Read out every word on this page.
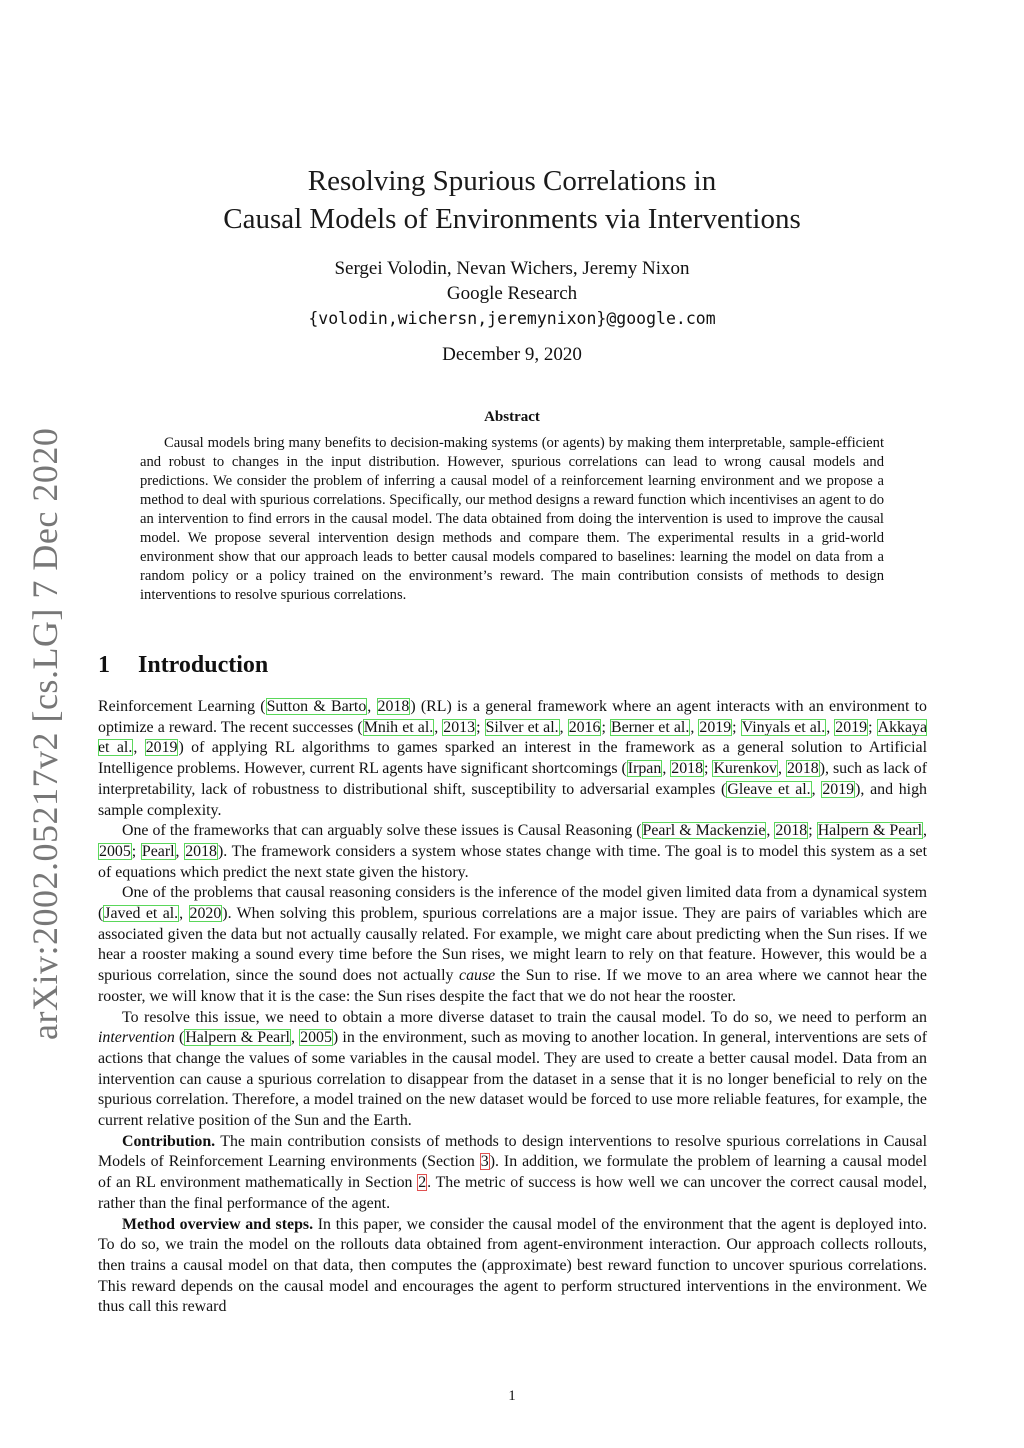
arXiv:2002.05217v2 [cs.LG] 7 Dec 2020
Resolving Spurious Correlations in
Causal Models of Environments via Interventions
Sergei Volodin, Nevan Wichers, Jeremy Nixon
Google Research
{volodin,wichersn,jeremynixon}@google.com
December 9, 2020
Abstract

Causal models bring many benefits to decision-making systems (or agents) by making them interpretable, sample-efficient and robust to changes in the input distribution. However, spurious correlations can lead to wrong causal models and predictions. We consider the problem of inferring a causal model of a reinforcement learning environment and we propose a method to deal with spurious correlations. Specifically, our method designs a reward function which incentivises an agent to do an intervention to find errors in the causal model. The data obtained from doing the intervention is used to improve the causal model. We propose several intervention design methods and compare them. The experimental results in a grid-world environment show that our approach leads to better causal models compared to baselines: learning the model on data from a random policy or a policy trained on the environment’s reward. The main contribution consists of methods to design interventions to resolve spurious correlations.

1 Introduction

Reinforcement Learning (Sutton & Barto, 2018) (RL) is a general framework where an agent interacts with an environment to optimize a reward. The recent successes (Mnih et al., 2013; Silver et al., 2016; Berner et al., 2019; Vinyals et al., 2019; Akkaya et al., 2019) of applying RL algorithms to games sparked an interest in the framework as a general solution to Artificial Intelligence problems. However, current RL agents have significant shortcomings (Irpan, 2018; Kurenkov, 2018), such as lack of interpretability, lack of robustness to distributional shift, susceptibility to adversarial examples (Gleave et al., 2019), and high sample complexity.

One of the frameworks that can arguably solve these issues is Causal Reasoning (Pearl & Mackenzie, 2018; Halpern & Pearl, 2005; Pearl, 2018). The framework considers a system whose states change with time. The goal is to model this system as a set of equations which predict the next state given the history.

One of the problems that causal reasoning considers is the inference of the model given limited data from a dynamical system (Javed et al., 2020). When solving this problem, spurious correlations are a major issue. They are pairs of variables which are associated given the data but not actually causally related. For example, we might care about predicting when the Sun rises. If we hear a rooster making a sound every time before the Sun rises, we might learn to rely on that feature. However, this would be a spurious correlation, since the sound does not actually cause the Sun to rise. If we move to an area where we cannot hear the rooster, we will know that it is the case: the Sun rises despite the fact that we do not hear the rooster.

To resolve this issue, we need to obtain a more diverse dataset to train the causal model. To do so, we need to perform an intervention (Halpern & Pearl, 2005) in the environment, such as moving to another location. In general, interventions are sets of actions that change the values of some variables in the causal model. They are used to create a better causal model. Data from an intervention can cause a spurious correlation to disappear from the dataset in a sense that it is no longer beneficial to rely on the spurious correlation. Therefore, a model trained on the new dataset would be forced to use more reliable features, for example, the current relative position of the Sun and the Earth.

Contribution. The main contribution consists of methods to design interventions to resolve spurious correlations in Causal Models of Reinforcement Learning environments (Section 3). In addition, we formulate the problem of learning a causal model of an RL environment mathematically in Section 2. The metric of success is how well we can uncover the correct causal model, rather than the final performance of the agent.

Method overview and steps. In this paper, we consider the causal model of the environment that the agent is deployed into. To do so, we train the model on the rollouts data obtained from agent-environment interaction. Our approach collects rollouts, then trains a causal model on that data, then computes the (approximate) best reward function to uncover spurious correlations. This reward depends on the causal model and encourages the agent to perform structured interventions in the environment. We thus call this reward

1
